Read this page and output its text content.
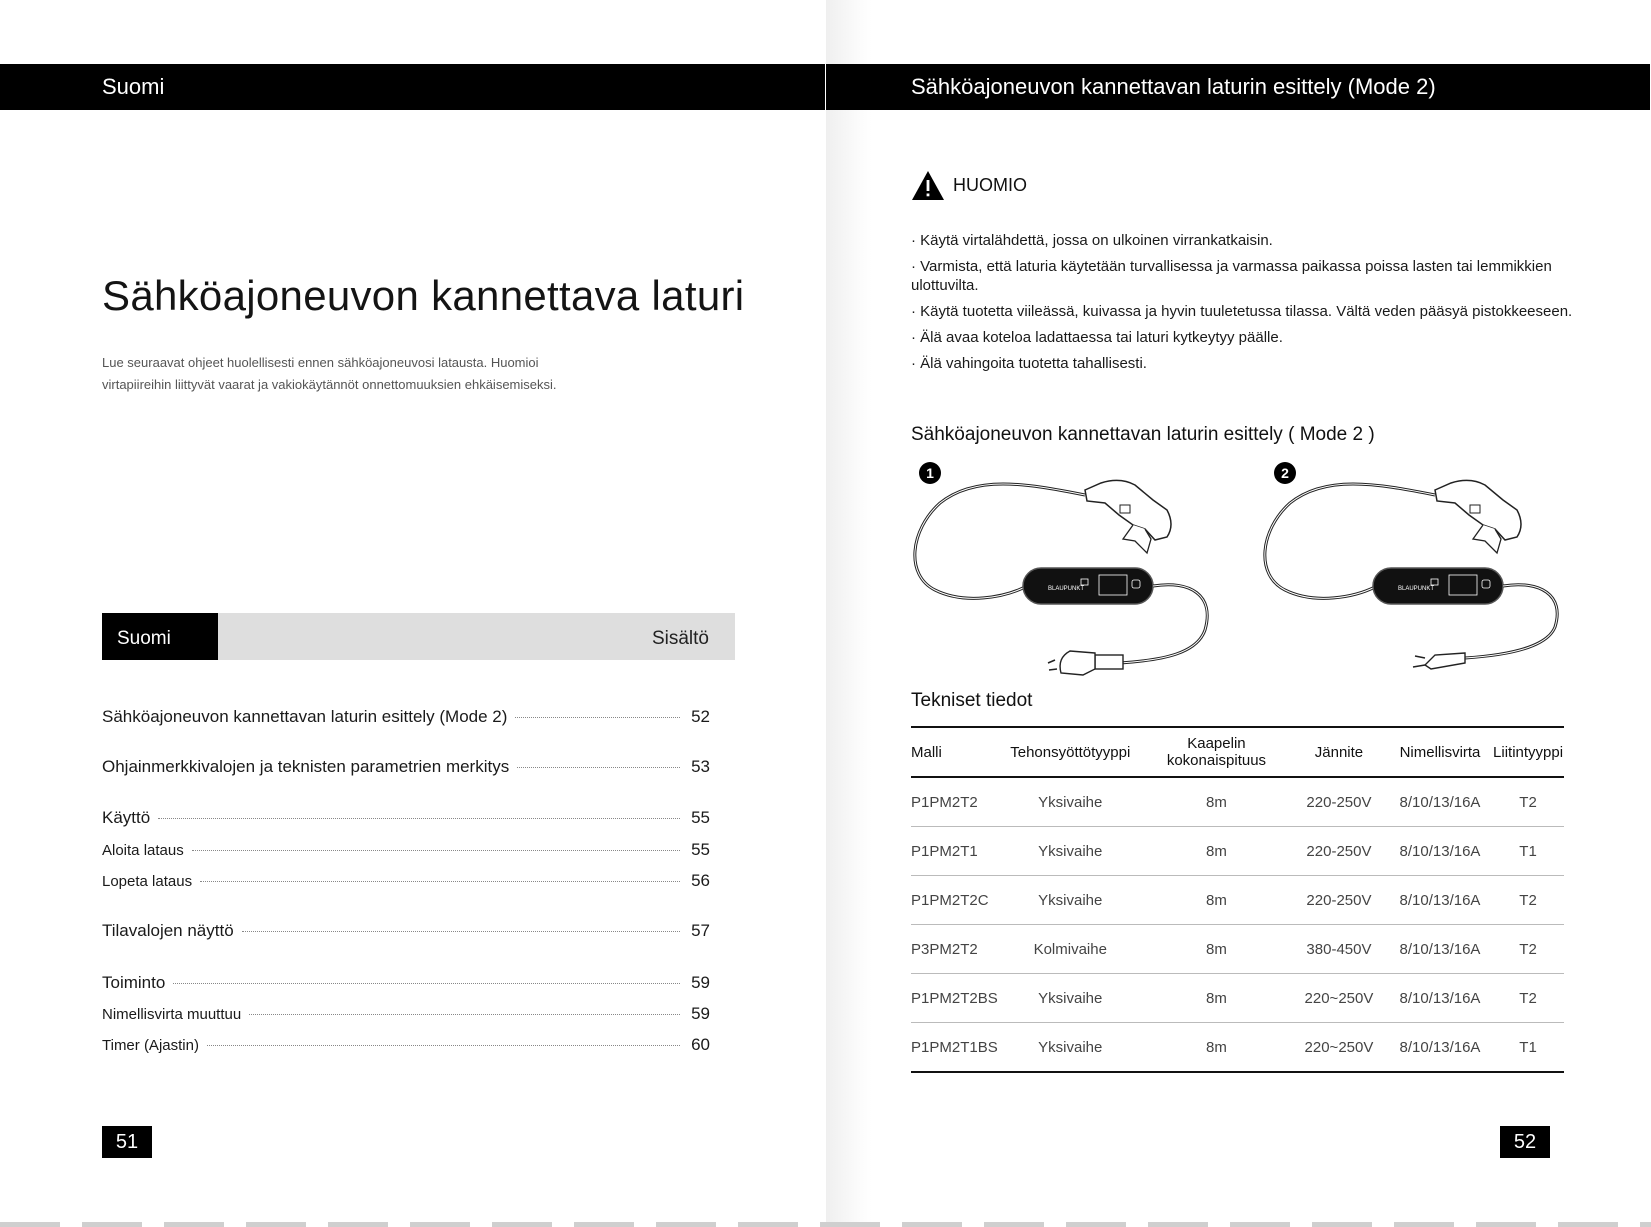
Suomi
Sähköajoneuvon kannettava laturi

Lue seuraavat ohjeet huolellisesti ennen sähköajoneuvosi latausta. Huomioi virtapiireihin liittyvät vaarat ja vakiokäytännöt onnettomuuksien ehkäisemiseksi.

Suomi	Sisältö
Sähköajoneuvon kannettavan laturin esittely (Mode 2)	52
Ohjainmerkkivalojen ja teknisten parametrien merkitys	53
Käyttö	55
Aloita lataus	55
Lopeta lataus	56
Tilavalojen näyttö	57
Toiminto	59
Nimellisvirta muuttuu	59
Timer (Ajastin)	60
51
Sähköajoneuvon kannettavan laturin esittely (Mode 2)
HUOMIO
· Käytä virtalähdettä, jossa on ulkoinen virrankatkaisin.
· Varmista, että laturia käytetään turvallisessa ja varmassa paikassa poissa lasten tai lemmikkien ulottuvilta.
· Käytä tuotetta viileässä, kuivassa ja hyvin tuuletetussa tilassa. Vältä veden pääsyä pistokkeeseen.
· Älä avaa koteloa ladattaessa tai laturi kytkeytyy päälle.
· Älä vahingoita tuotetta tahallisesti.
Sähköajoneuvon kannettavan laturin esittely ( Mode 2 )
1
BLAUPUNKT
2
BLAUPUNKT
Tekniset tiedot
Malli	Tehonsyöttötyyppi	Kaapelin kokonaispituus	Jännite	Nimellisvirta	Liitintyyppi
P1PM2T2	Yksivaihe	8m	220-250V	8/10/13/16A	T2
P1PM2T1	Yksivaihe	8m	220-250V	8/10/13/16A	T1
P1PM2T2C	Yksivaihe	8m	220-250V	8/10/13/16A	T2
P3PM2T2	Kolmivaihe	8m	380-450V	8/10/13/16A	T2
P1PM2T2BS	Yksivaihe	8m	220~250V	8/10/13/16A	T2
P1PM2T1BS	Yksivaihe	8m	220~250V	8/10/13/16A	T1
52
